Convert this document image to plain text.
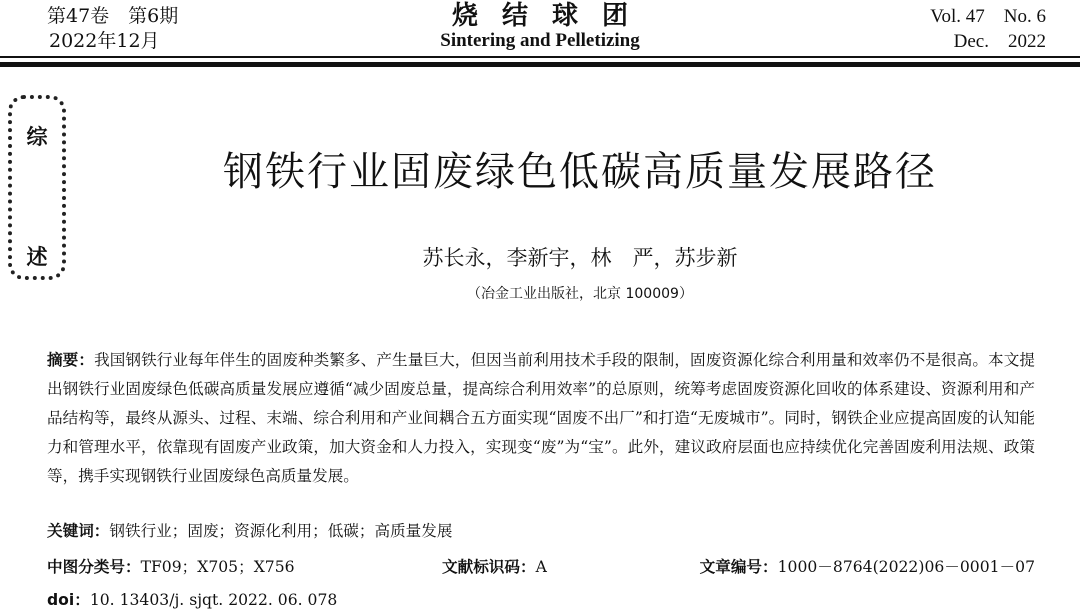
第47卷　第6期
2022年12月
烧结球团
Sintering and Pelletizing
Vol. 47　No. 6
Dec.　2022
综
述
钢铁行业固废绿色低碳高质量发展路径
苏长永，李新宇，林　严，苏步新
（冶金工业出版社，北京 100009）
摘要：我国钢铁行业每年伴生的固废种类繁多、产生量巨大，但因当前利用技术手段的限制，固废资源化综合利用量和效率仍不是很高。本文提出钢铁行业固废绿色低碳高质量发展应遵循“减少固废总量，提高综合利用效率”的总原则，统筹考虑固废资源化回收的体系建设、资源利用和产品结构等，最终从源头、过程、末端、综合利用和产业间耦合五方面实现“固废不出厂”和打造“无废城市”。同时，钢铁企业应提高固废的认知能力和管理水平，依靠现有固废产业政策，加大资金和人力投入，实现变“废”为“宝”。此外，建议政府层面也应持续优化完善固废利用法规、政策等，携手实现钢铁行业固废绿色高质量发展。
关键词：钢铁行业；固废；资源化利用；低碳；高质量发展
中图分类号：TF09；X705；X756	文献标识码：A	文章编号：1000－8764(2022)06－0001－07
doi：10. 13403/j. sjqt. 2022. 06. 078
